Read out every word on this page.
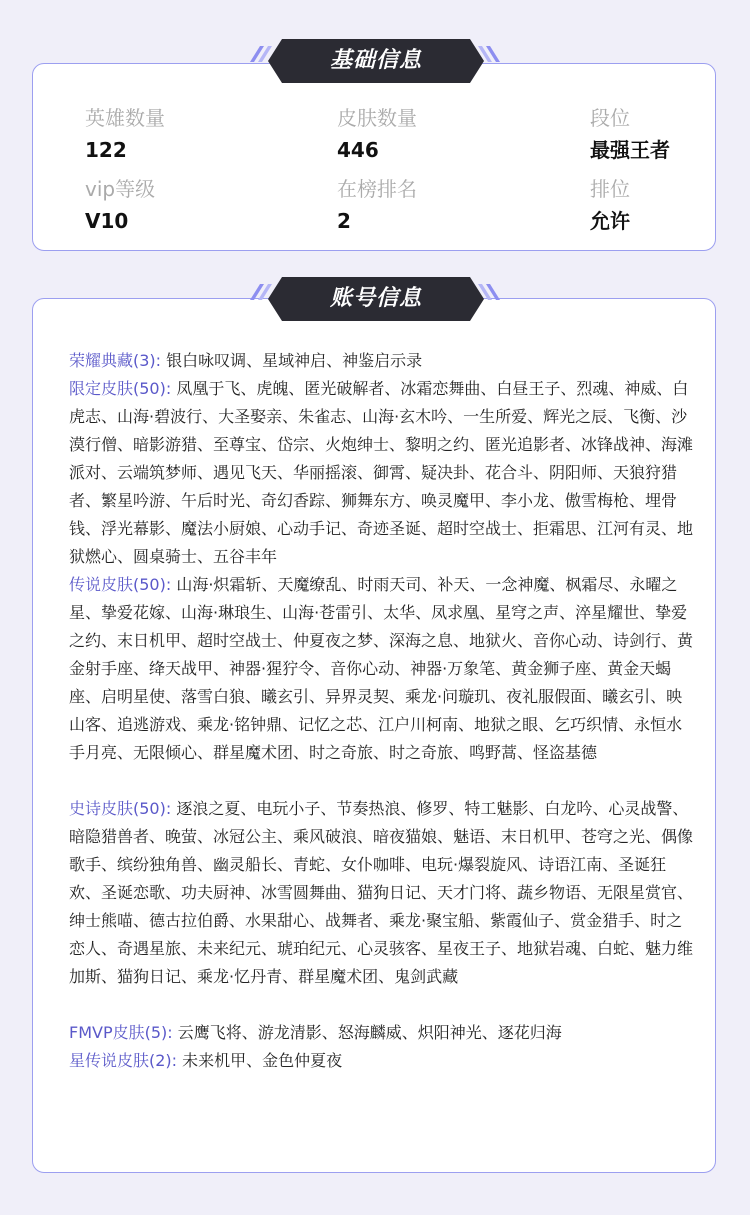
英雄数量
122
皮肤数量
446
段位
最强王者
vip等级
V10
在榜排名
2
排位
允许
基础信息

荣耀典藏(3): 银白咏叹调、星域神启、神鉴启示录

限定皮肤(50): 凤凰于飞、虎魄、匿光破解者、冰霜恋舞曲、白昼王子、烈魂、神威、白虎志、山海·碧波行、大圣娶亲、朱雀志、山海·玄木吟、一生所爱、辉光之辰、飞衡、沙漠行僧、暗影游猎、至尊宝、岱宗、火炮绅士、黎明之约、匿光追影者、冰锋战神、海滩派对、云端筑梦师、遇见飞天、华丽摇滚、御霄、疑决卦、花合斗、阴阳师、天狼狩猎者、繁星吟游、午后时光、奇幻香踪、狮舞东方、唤灵魔甲、李小龙、傲雪梅枪、埋骨钱、浮光幕影、魔法小厨娘、心动手记、奇迹圣诞、超时空战士、拒霜思、江河有灵、地狱燃心、圆桌骑士、五谷丰年

传说皮肤(50): 山海·炽霜斩、天魔缭乱、时雨天司、补天、一念神魔、枫霜尽、永曜之星、挚爱花嫁、山海·琳琅生、山海·苍雷引、太华、凤求凰、星穹之声、淬星耀世、挚爱之约、末日机甲、超时空战士、仲夏夜之梦、深海之息、地狱火、音你心动、诗剑行、黄金射手座、绛天战甲、神器·猩狞令、音你心动、神器·万象笔、黄金狮子座、黄金天蝎座、启明星使、落雪白狼、曦玄引、异界灵契、乘龙·问璇玑、夜礼服假面、曦玄引、映山客、追逃游戏、乘龙·铭钟鼎、记忆之芯、江户川柯南、地狱之眼、乞巧织情、永恒水手月亮、无限倾心、群星魔术团、时之奇旅、时之奇旅、鸣野蒿、怪盗基德

史诗皮肤(50): 逐浪之夏、电玩小子、节奏热浪、修罗、特工魅影、白龙吟、心灵战警、暗隐猎兽者、晚萤、冰冠公主、乘风破浪、暗夜猫娘、魅语、末日机甲、苍穹之光、偶像歌手、缤纷独角兽、幽灵船长、青蛇、女仆咖啡、电玩·爆裂旋风、诗语江南、圣诞狂欢、圣诞恋歌、功夫厨神、冰雪圆舞曲、猫狗日记、天才门将、蔬乡物语、无限星赏官、绅士熊喵、德古拉伯爵、水果甜心、战舞者、乘龙·聚宝船、紫霞仙子、赏金猎手、时之恋人、奇遇星旅、未来纪元、琥珀纪元、心灵骇客、星夜王子、地狱岩魂、白蛇、魅力维加斯、猫狗日记、乘龙·忆丹青、群星魔术团、鬼剑武藏

FMVP皮肤(5): 云鹰飞将、游龙清影、怒海麟威、炽阳神光、逐花归海

星传说皮肤(2): 未来机甲、金色仲夏夜

账号信息
